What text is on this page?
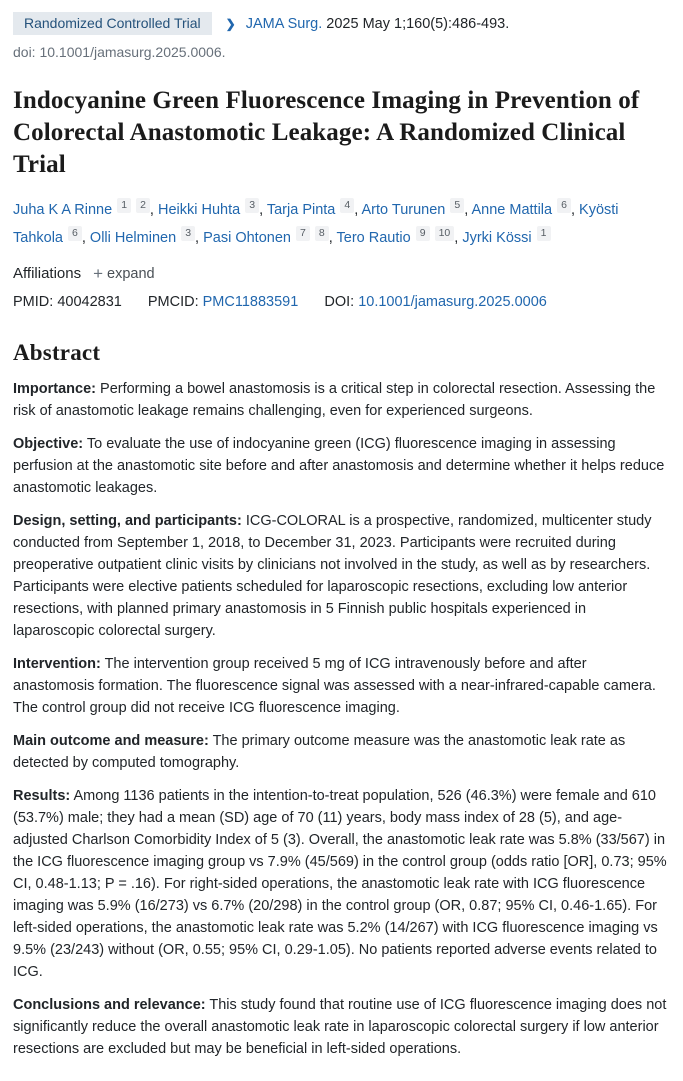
Randomized Controlled Trial	❯ JAMA Surg. 2025 May 1;160(5):486-493.
doi: 10.1001/jamasurg.2025.0006.
Indocyanine Green Fluorescence Imaging in Prevention of Colorectal Anastomotic Leakage: A Randomized Clinical Trial
Juha K A Rinne $^1$ $^2$ , Heikki Huhta $^3$ , Tarja Pinta $^4$ , Arto Turunen $^5$ , Anne Mattila $^6$ , Kyösti Tahkola $^6$ , Olli Helminen $^3$ , Pasi Ohtonen $^7$ $^8$ , Tero Rautio $^9$ $^{10}$ , Jyrki Kössi $^1$
Affiliations + expand
PMID: 40042831 PMCID: PMC11883591 DOI: 10.1001/jamasurg.2025.0006
Abstract

Importance: Performing a bowel anastomosis is a critical step in colorectal resection. Assessing the risk of anastomotic leakage remains challenging, even for experienced surgeons.

Objective: To evaluate the use of indocyanine green (ICG) fluorescence imaging in assessing perfusion at the anastomotic site before and after anastomosis and determine whether it helps reduce anastomotic leakages.

Design, setting, and participants: ICG-COLORAL is a prospective, randomized, multicenter study conducted from September 1, 2018, to December 31, 2023. Participants were recruited during preoperative outpatient clinic visits by clinicians not involved in the study, as well as by researchers. Participants were elective patients scheduled for laparoscopic resections, excluding low anterior resections, with planned primary anastomosis in 5 Finnish public hospitals experienced in laparoscopic colorectal surgery.

Intervention: The intervention group received 5 mg of ICG intravenously before and after anastomosis formation. The fluorescence signal was assessed with a near-infrared-capable camera. The control group did not receive ICG fluorescence imaging.

Main outcome and measure: The primary outcome measure was the anastomotic leak rate as detected by computed tomography.

Results: Among 1136 patients in the intention-to-treat population, 526 (46.3%) were female and 610 (53.7%) male; they had a mean (SD) age of 70 (11) years, body mass index of 28 (5), and age-adjusted Charlson Comorbidity Index of 5 (3). Overall, the anastomotic leak rate was 5.8% (33/567) in the ICG fluorescence imaging group vs 7.9% (45/569) in the control group (odds ratio [OR], 0.73; 95% CI, 0.48-1.13; P = .16). For right-sided operations, the anastomotic leak rate with ICG fluorescence imaging was 5.9% (16/273) vs 6.7% (20/298) in the control group (OR, 0.87; 95% CI, 0.46-1.65). For left-sided operations, the anastomotic leak rate was 5.2% (14/267) with ICG fluorescence imaging vs 9.5% (23/243) without (OR, 0.55; 95% CI, 0.29-1.05). No patients reported adverse events related to ICG.

Conclusions and relevance: This study found that routine use of ICG fluorescence imaging does not significantly reduce the overall anastomotic leak rate in laparoscopic colorectal surgery if low anterior resections are excluded but may be beneficial in left-sided operations.
